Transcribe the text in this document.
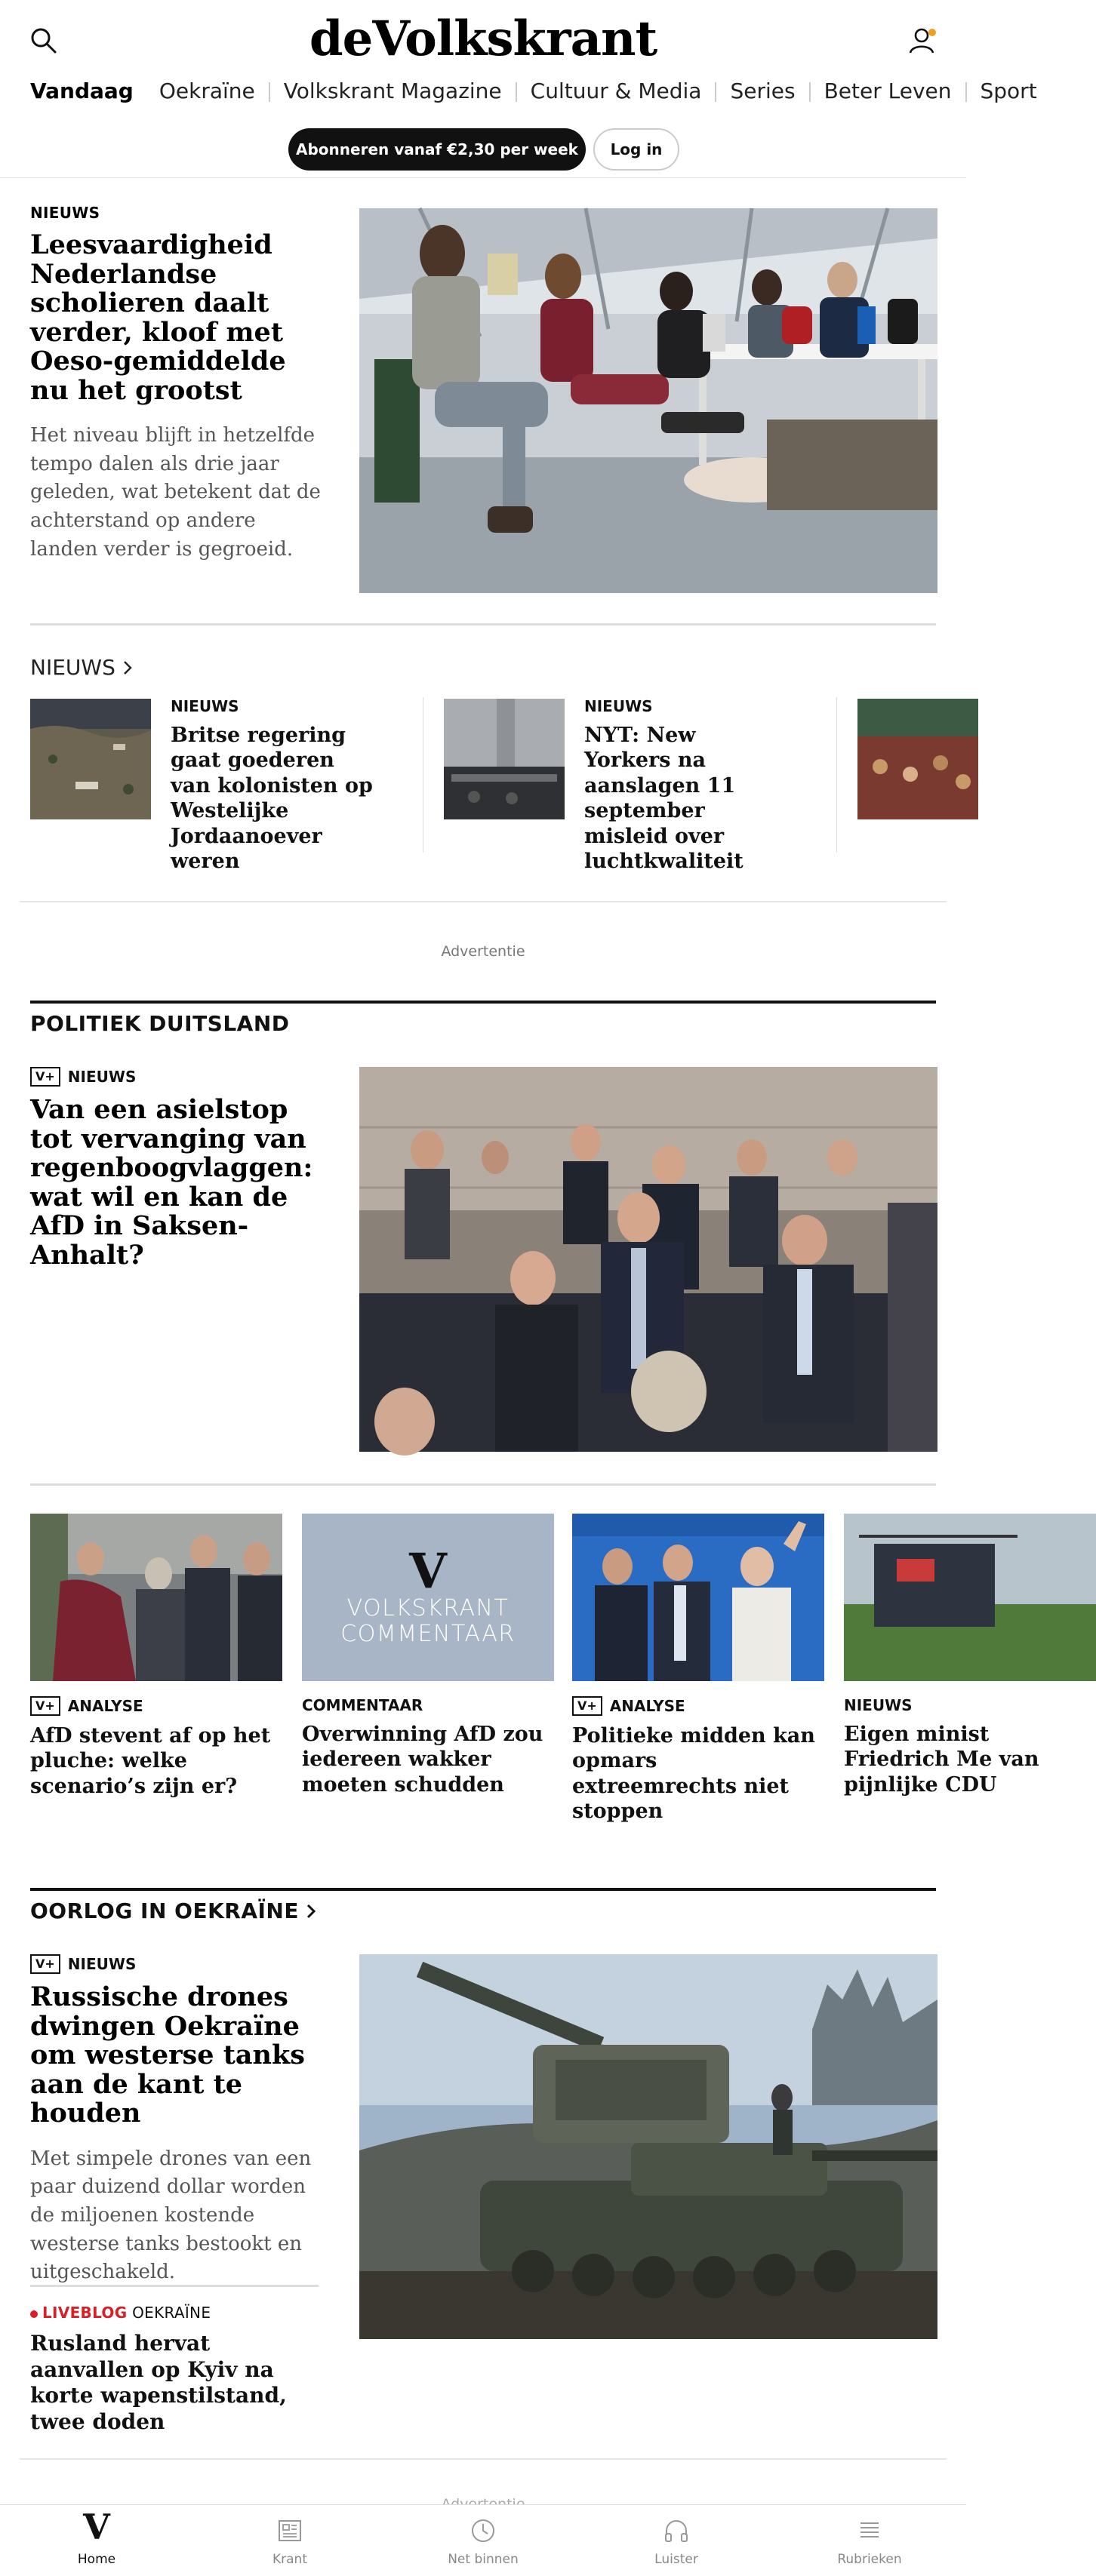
deVolkskrant
Vandaag Oekraïne Volkskrant Magazine Cultuur & Media Series Beter Leven Sport
Abonneren vanaf €2,30 per week	Log in
NIEUWS
Leesvaardigheid Nederlandse scholieren daalt verder, kloof met Oeso-gemiddelde nu het grootst
Het niveau blijft in hetzelfde tempo dalen als drie jaar geleden, wat betekent dat de achterstand op andere landen verder is gegroeid.
NIEUWS
NIEUWS
Britse regering gaat goederen van kolonisten op Westelijke Jordaanoever weren
NIEUWS
NYT: New Yorkers na aanslagen 11 september misleid over luchtkwaliteit
Advertentie
POLITIEK DUITSLAND
V+ NIEUWS
Van een asielstop tot vervanging van regenboogvlaggen: wat wil en kan de AfD in Saksen-Anhalt?
V+ ANALYSE
AfD stevent af op het pluche: welke scenario’s zijn er?
V
VOLKSKRANT COMMENTAAR
COMMENTAAR
Overwinning AfD zou iedereen wakker moeten schudden
V+ ANALYSE
Politieke midden kan opmars extreemrechts niet stoppen
NIEUWS
Eigen minist Friedrich Me van pijnlijke CDU
OORLOG IN OEKRAÏNE
V+ NIEUWS
Russische drones dwingen Oekraïne om westerse tanks aan de kant te houden
Met simpele drones van een paar duizend dollar worden de miljoenen kostende westerse tanks bestookt en uitgeschakeld.
LIVEBLOG OEKRAÏNE
Rusland hervat aanvallen op Kyiv na korte wapenstilstand, twee doden
V
Home	Krant	Net binnen	Luister	Rubrieken
